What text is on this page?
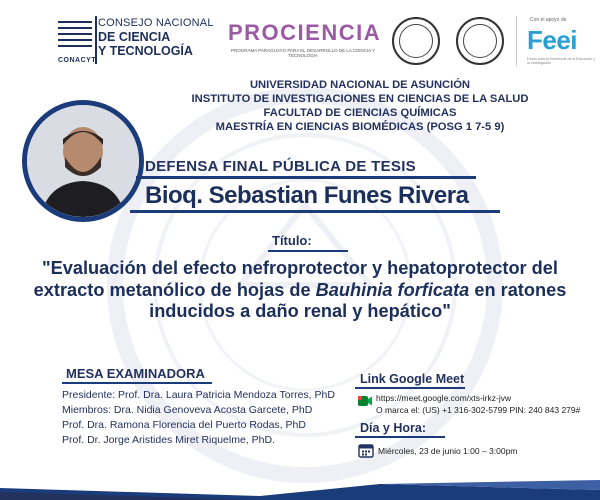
CONSEJO NACIONAL
DE CIENCIA
Y TECNOLOGÍA
CONACYT
PROCIENCIA
PROGRAMA PARAGUAYO PARA EL DESARROLLO DE LA CIENCIA Y TECNOLOGÍA
Con el apoyo de
Feei
Fondo para la Excelencia de la Educación y la Investigación
UNIVERSIDAD NACIONAL DE ASUNCIÓN
INSTITUTO DE INVESTIGACIONES EN CIENCIAS DE LA SALUD
FACULTAD DE CIENCIAS QUÍMICAS
MAESTRÍA EN CIENCIAS BIOMÉDICAS (POSG 1 7-5 9)
DEFENSA FINAL PÚBLICA DE TESIS
Bioq. Sebastian Funes Rivera
Título:
"Evaluación del efecto nefroprotector y hepatoprotector del extracto metanólico de hojas de Bauhinia forficata en ratones inducidos a daño renal y hepático"
MESA EXAMINADORA
Presidente: Prof. Dra. Laura Patricia Mendoza Torres, PhD
Miembros: Dra. Nidia Genoveva Acosta Garcete, PhD
Prof. Dra. Ramona Florencia del Puerto Rodas, PhD
Prof. Dr. Jorge Aristides Miret Riquelme, PhD.
Link Google Meet
https://meet.google.com/xts-irkz-jvw
O marca el: (US) +1 316-302-5799 PIN: 240 843 279#
Día y Hora:
Miércoles, 23 de junio 1:00 – 3:00pm
